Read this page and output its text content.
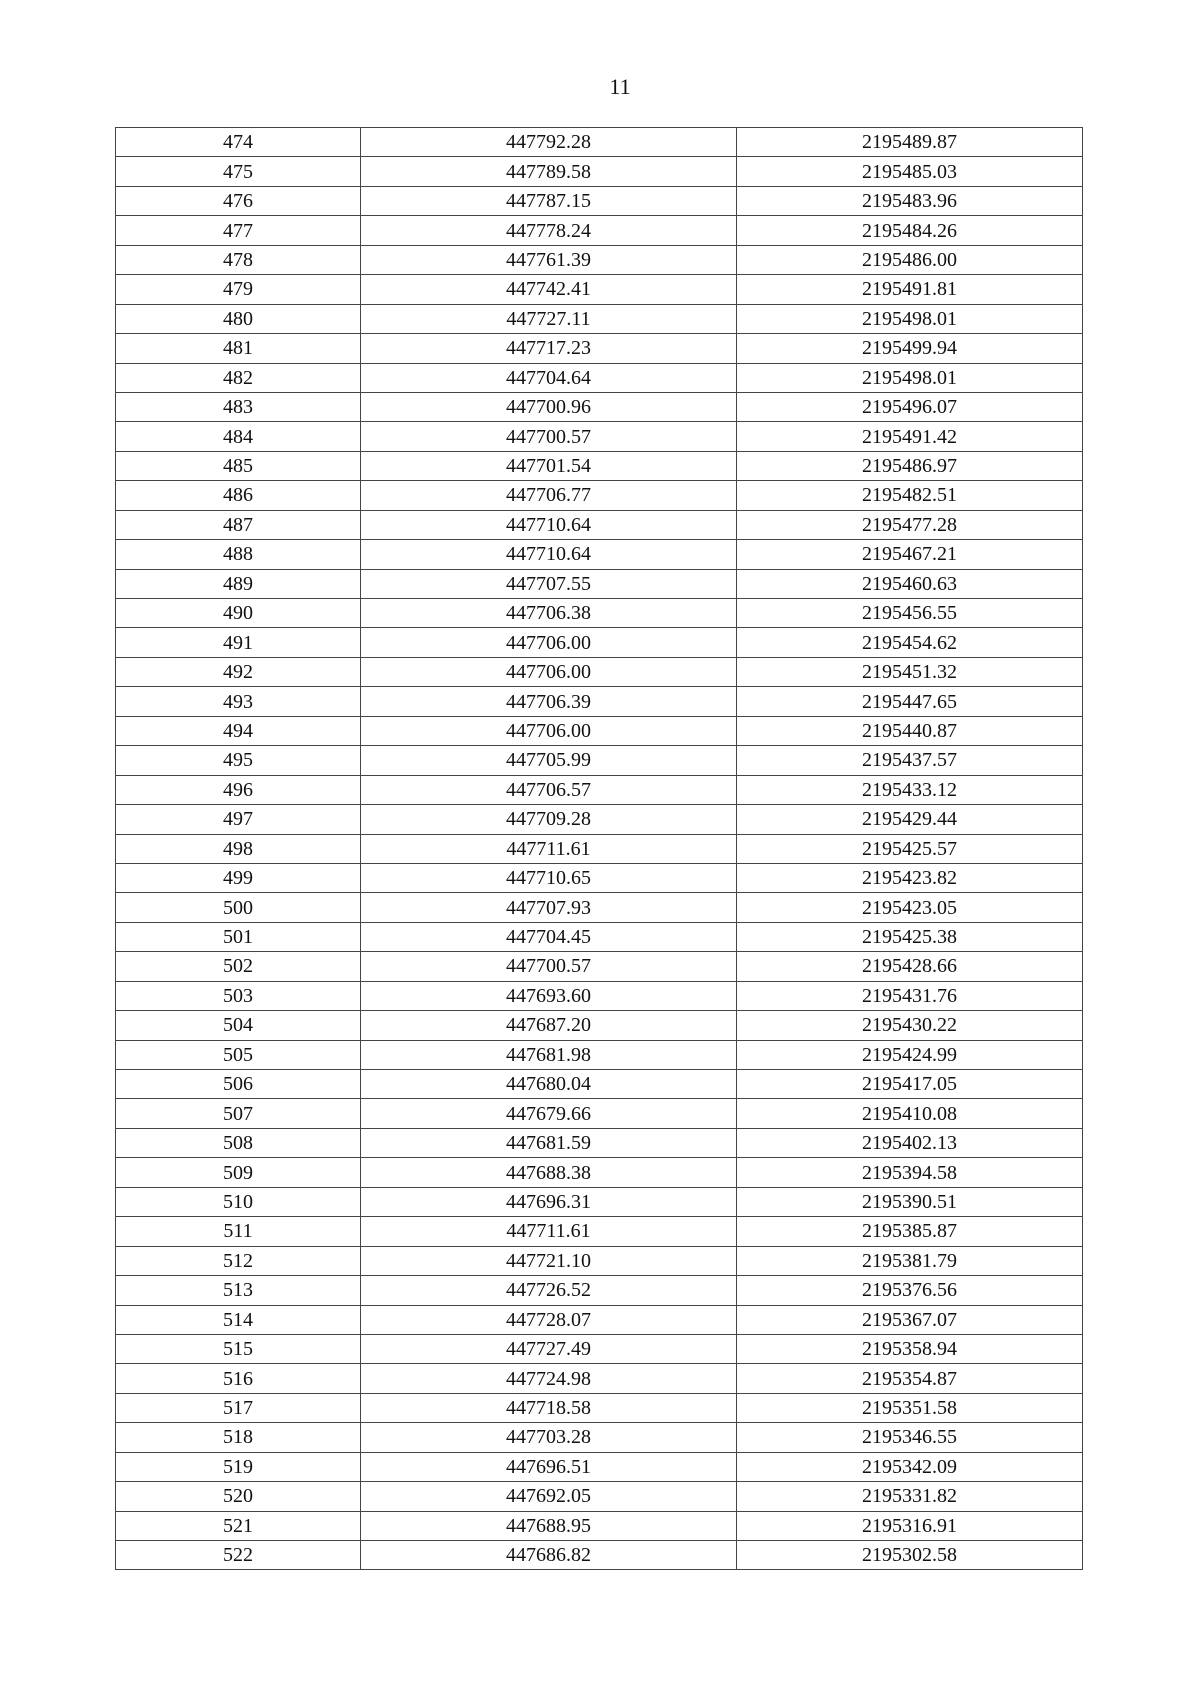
11
474	447792.28	2195489.87
475	447789.58	2195485.03
476	447787.15	2195483.96
477	447778.24	2195484.26
478	447761.39	2195486.00
479	447742.41	2195491.81
480	447727.11	2195498.01
481	447717.23	2195499.94
482	447704.64	2195498.01
483	447700.96	2195496.07
484	447700.57	2195491.42
485	447701.54	2195486.97
486	447706.77	2195482.51
487	447710.64	2195477.28
488	447710.64	2195467.21
489	447707.55	2195460.63
490	447706.38	2195456.55
491	447706.00	2195454.62
492	447706.00	2195451.32
493	447706.39	2195447.65
494	447706.00	2195440.87
495	447705.99	2195437.57
496	447706.57	2195433.12
497	447709.28	2195429.44
498	447711.61	2195425.57
499	447710.65	2195423.82
500	447707.93	2195423.05
501	447704.45	2195425.38
502	447700.57	2195428.66
503	447693.60	2195431.76
504	447687.20	2195430.22
505	447681.98	2195424.99
506	447680.04	2195417.05
507	447679.66	2195410.08
508	447681.59	2195402.13
509	447688.38	2195394.58
510	447696.31	2195390.51
511	447711.61	2195385.87
512	447721.10	2195381.79
513	447726.52	2195376.56
514	447728.07	2195367.07
515	447727.49	2195358.94
516	447724.98	2195354.87
517	447718.58	2195351.58
518	447703.28	2195346.55
519	447696.51	2195342.09
520	447692.05	2195331.82
521	447688.95	2195316.91
522	447686.82	2195302.58
